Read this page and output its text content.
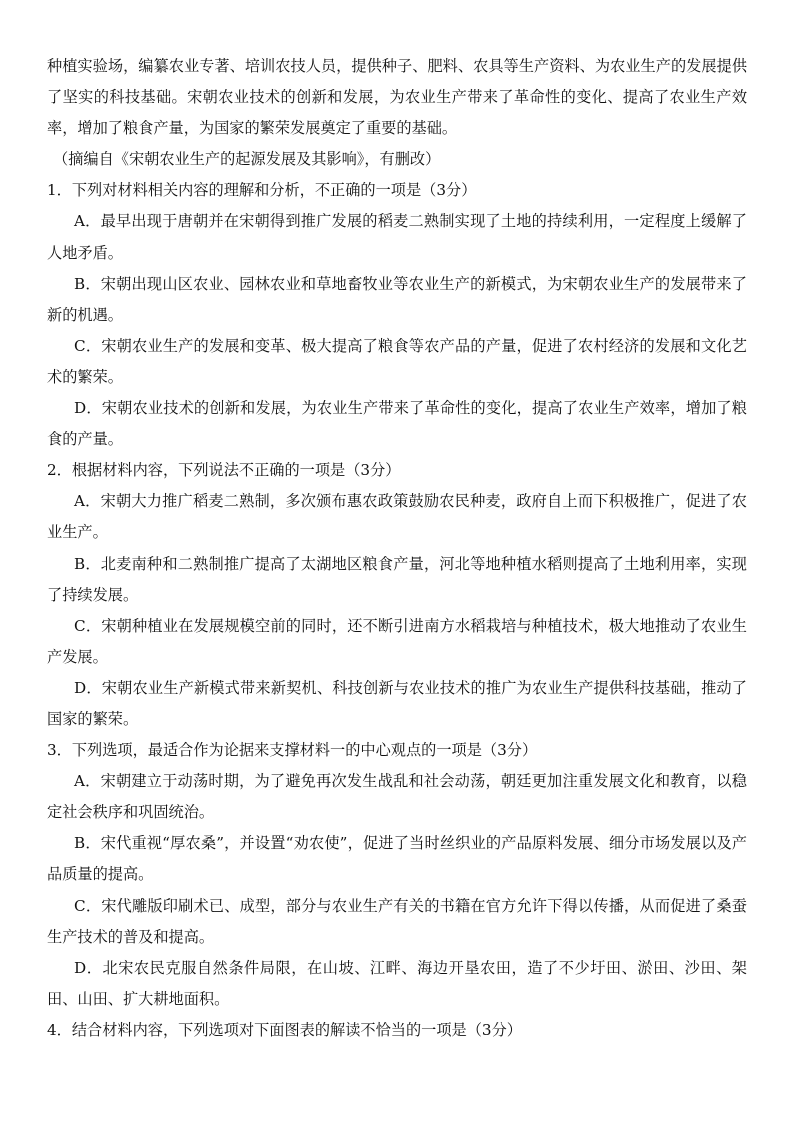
种植实验场，编纂农业专著、培训农技人员，提供种子、肥料、农具等生产资料、为农业生产的发展提供了坚实的科技基础。宋朝农业技术的创新和发展，为农业生产带来了革命性的变化、提高了农业生产效率，增加了粮食产量，为国家的繁荣发展奠定了重要的基础。

（摘编自《宋朝农业生产的起源发展及其影响》，有删改）

1．下列对材料相关内容的理解和分析，不正确的一项是（3分）

A．最早出现于唐朝并在宋朝得到推广发展的稻麦二熟制实现了土地的持续利用，一定程度上缓解了人地矛盾。

B．宋朝出现山区农业、园林农业和草地畜牧业等农业生产的新模式，为宋朝农业生产的发展带来了新的机遇。

C．宋朝农业生产的发展和变革、极大提高了粮食等农产品的产量，促进了农村经济的发展和文化艺术的繁荣。

D．宋朝农业技术的创新和发展，为农业生产带来了革命性的变化，提高了农业生产效率，增加了粮食的产量。

2．根据材料内容，下列说法不正确的一项是（3分）

A．宋朝大力推广稻麦二熟制，多次颁布惠农政策鼓励农民种麦，政府自上而下积极推广，促进了农业生产。

B．北麦南种和二熟制推广提高了太湖地区粮食产量，河北等地种植水稻则提高了土地利用率，实现了持续发展。

C．宋朝种植业在发展规模空前的同时，还不断引进南方水稻栽培与种植技术，极大地推动了农业生产发展。

D．宋朝农业生产新模式带来新契机、科技创新与农业技术的推广为农业生产提供科技基础，推动了国家的繁荣。

3．下列选项，最适合作为论据来支撑材料一的中心观点的一项是（3分）

A．宋朝建立于动荡时期，为了避免再次发生战乱和社会动荡，朝廷更加注重发展文化和教育，以稳定社会秩序和巩固统治。

B．宋代重视“厚农桑”，并设置“劝农使”，促进了当时丝织业的产品原料发展、细分市场发展以及产品质量的提高。

C．宋代雕版印刷术已、成型，部分与农业生产有关的书籍在官方允许下得以传播，从而促进了桑蚕生产技术的普及和提高。

D．北宋农民克服自然条件局限，在山坡、江畔、海边开垦农田，造了不少圩田、淤田、沙田、架田、山田、扩大耕地面积。

4．结合材料内容，下列选项对下面图表的解读不恰当的一项是（3分）
